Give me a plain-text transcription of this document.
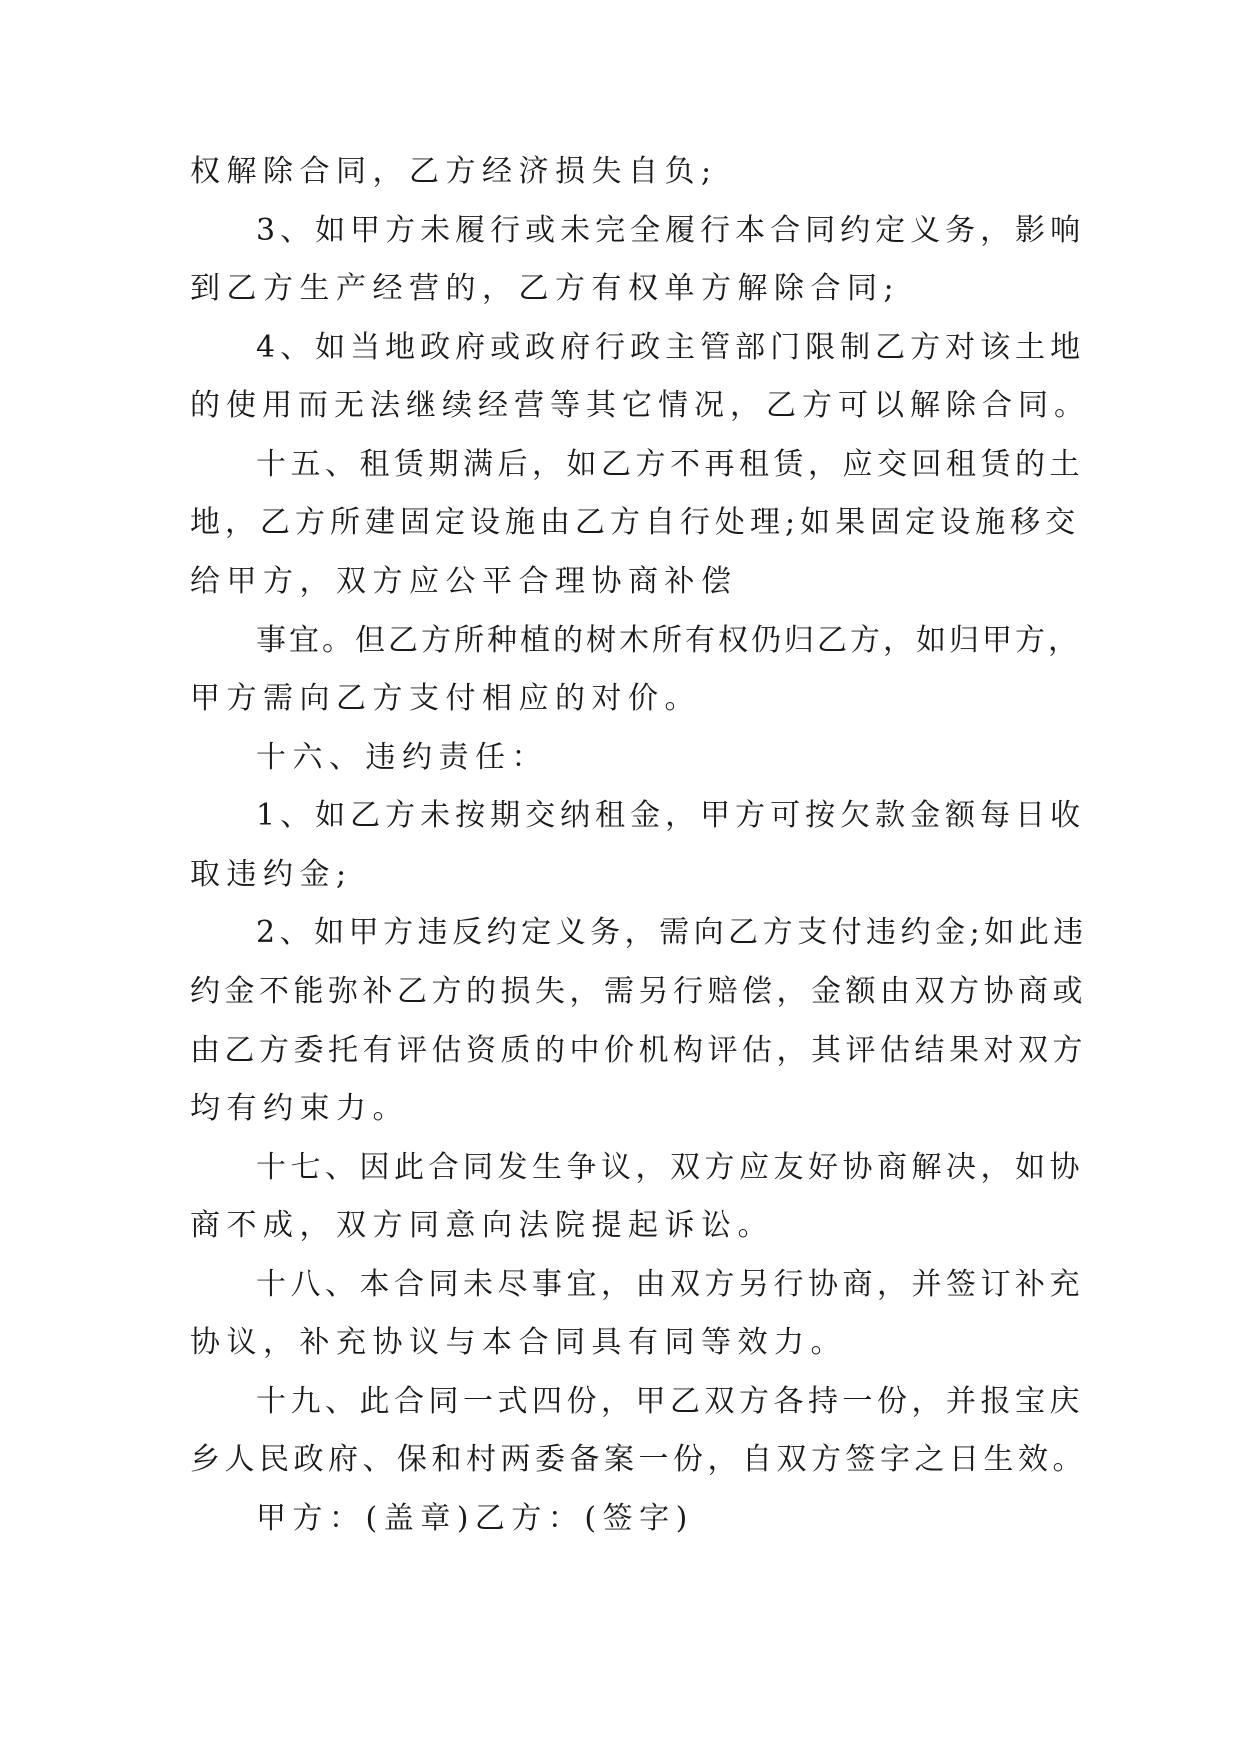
权解除合同，乙方经济损失自负;

3、如甲方未履行或未完全履行本合同约定义务，影响

到乙方生产经营的，乙方有权单方解除合同;

4、如当地政府或政府行政主管部门限制乙方对该土地

的使用而无法继续经营等其它情况，乙方可以解除合同。

十五、租赁期满后，如乙方不再租赁，应交回租赁的土

地，乙方所建固定设施由乙方自行处理;如果固定设施移交

给甲方，双方应公平合理协商补偿

事宜。但乙方所种植的树木所有权仍归乙方，如归甲方，

甲方需向乙方支付相应的对价。

十六、违约责任：

1、如乙方未按期交纳租金，甲方可按欠款金额每日收

取违约金;

2、如甲方违反约定义务，需向乙方支付违约金;如此违

约金不能弥补乙方的损失，需另行赔偿，金额由双方协商或

由乙方委托有评估资质的中价机构评估，其评估结果对双方

均有约束力。

十七、因此合同发生争议，双方应友好协商解决，如协

商不成，双方同意向法院提起诉讼。

十八、本合同未尽事宜，由双方另行协商，并签订补充

协议，补充协议与本合同具有同等效力。

十九、此合同一式四份，甲乙双方各持一份，并报宝庆

乡人民政府、保和村两委备案一份，自双方签字之日生效。

甲方：(盖章)乙方：(签字)
